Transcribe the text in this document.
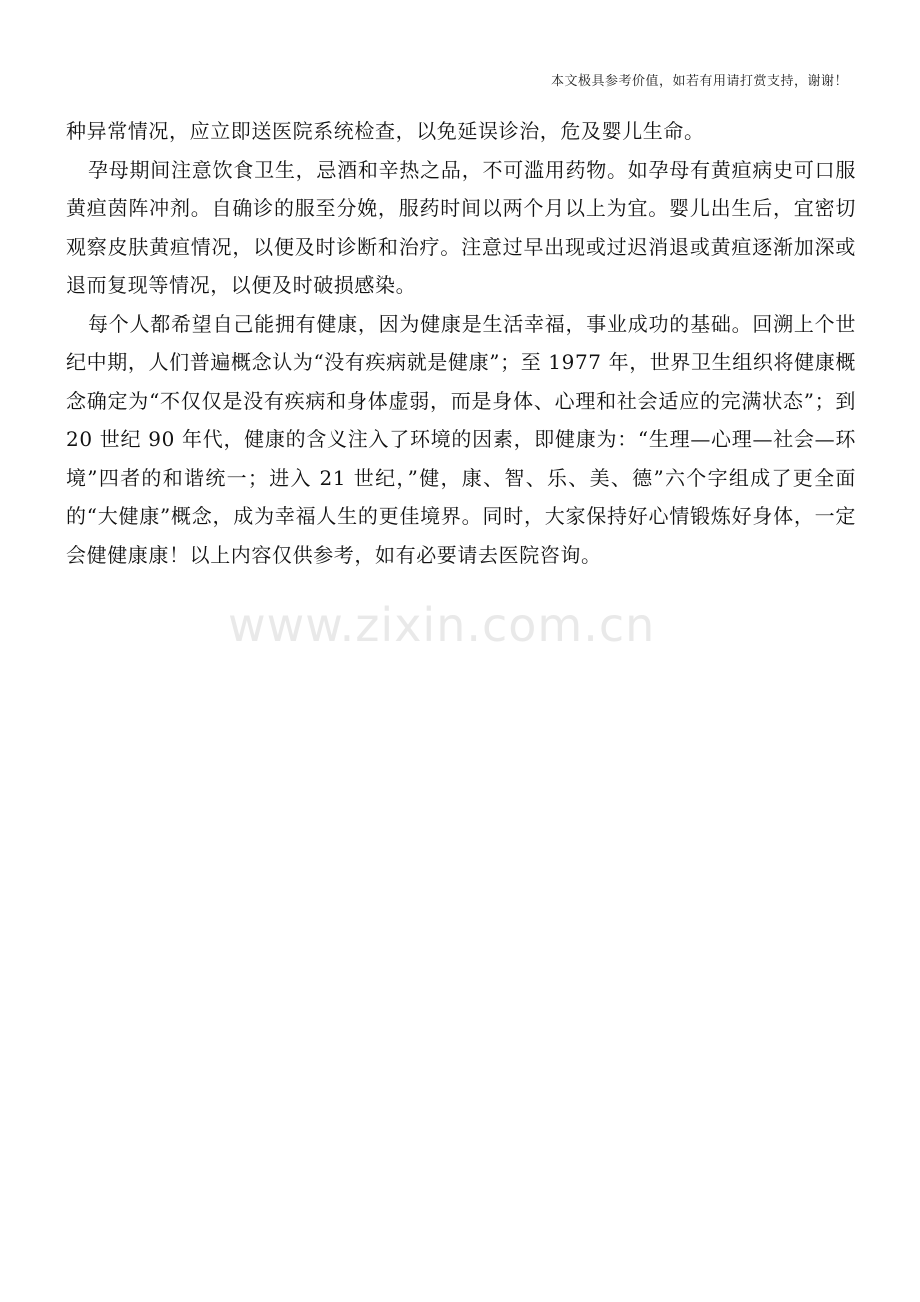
本文极具参考价值，如若有用请打赏支持，谢谢！
www.zixin.com.cn

种异常情况，应立即送医院系统检查，以免延误诊治，危及婴儿生命。

孕母期间注意饮食卫生，忌酒和辛热之品，不可滥用药物。如孕母有黄疸病史可口服黄疸茵阵冲剂。自确诊的服至分娩，服药时间以两个月以上为宜。婴儿出生后，宜密切观察皮肤黄疸情况，以便及时诊断和治疗。注意过早出现或过迟消退或黄疸逐渐加深或退而复现等情况，以便及时破损感染。

每个人都希望自己能拥有健康，因为健康是生活幸福，事业成功的基础。回溯上个世纪中期，人们普遍概念认为“没有疾病就是健康”；至 1977 年，世界卫生组织将健康概念确定为“不仅仅是没有疾病和身体虚弱，而是身体、心理和社会适应的完满状态”；到 20 世纪 90 年代，健康的含义注入了环境的因素，即健康为：“生理—心理—社会—环境”四者的和谐统一；进入 21 世纪，”健，康、智、乐、美、德”六个字组成了更全面的“大健康”概念，成为幸福人生的更佳境界。同时，大家保持好心情锻炼好身体，一定会健健康康！以上内容仅供参考，如有必要请去医院咨询。
